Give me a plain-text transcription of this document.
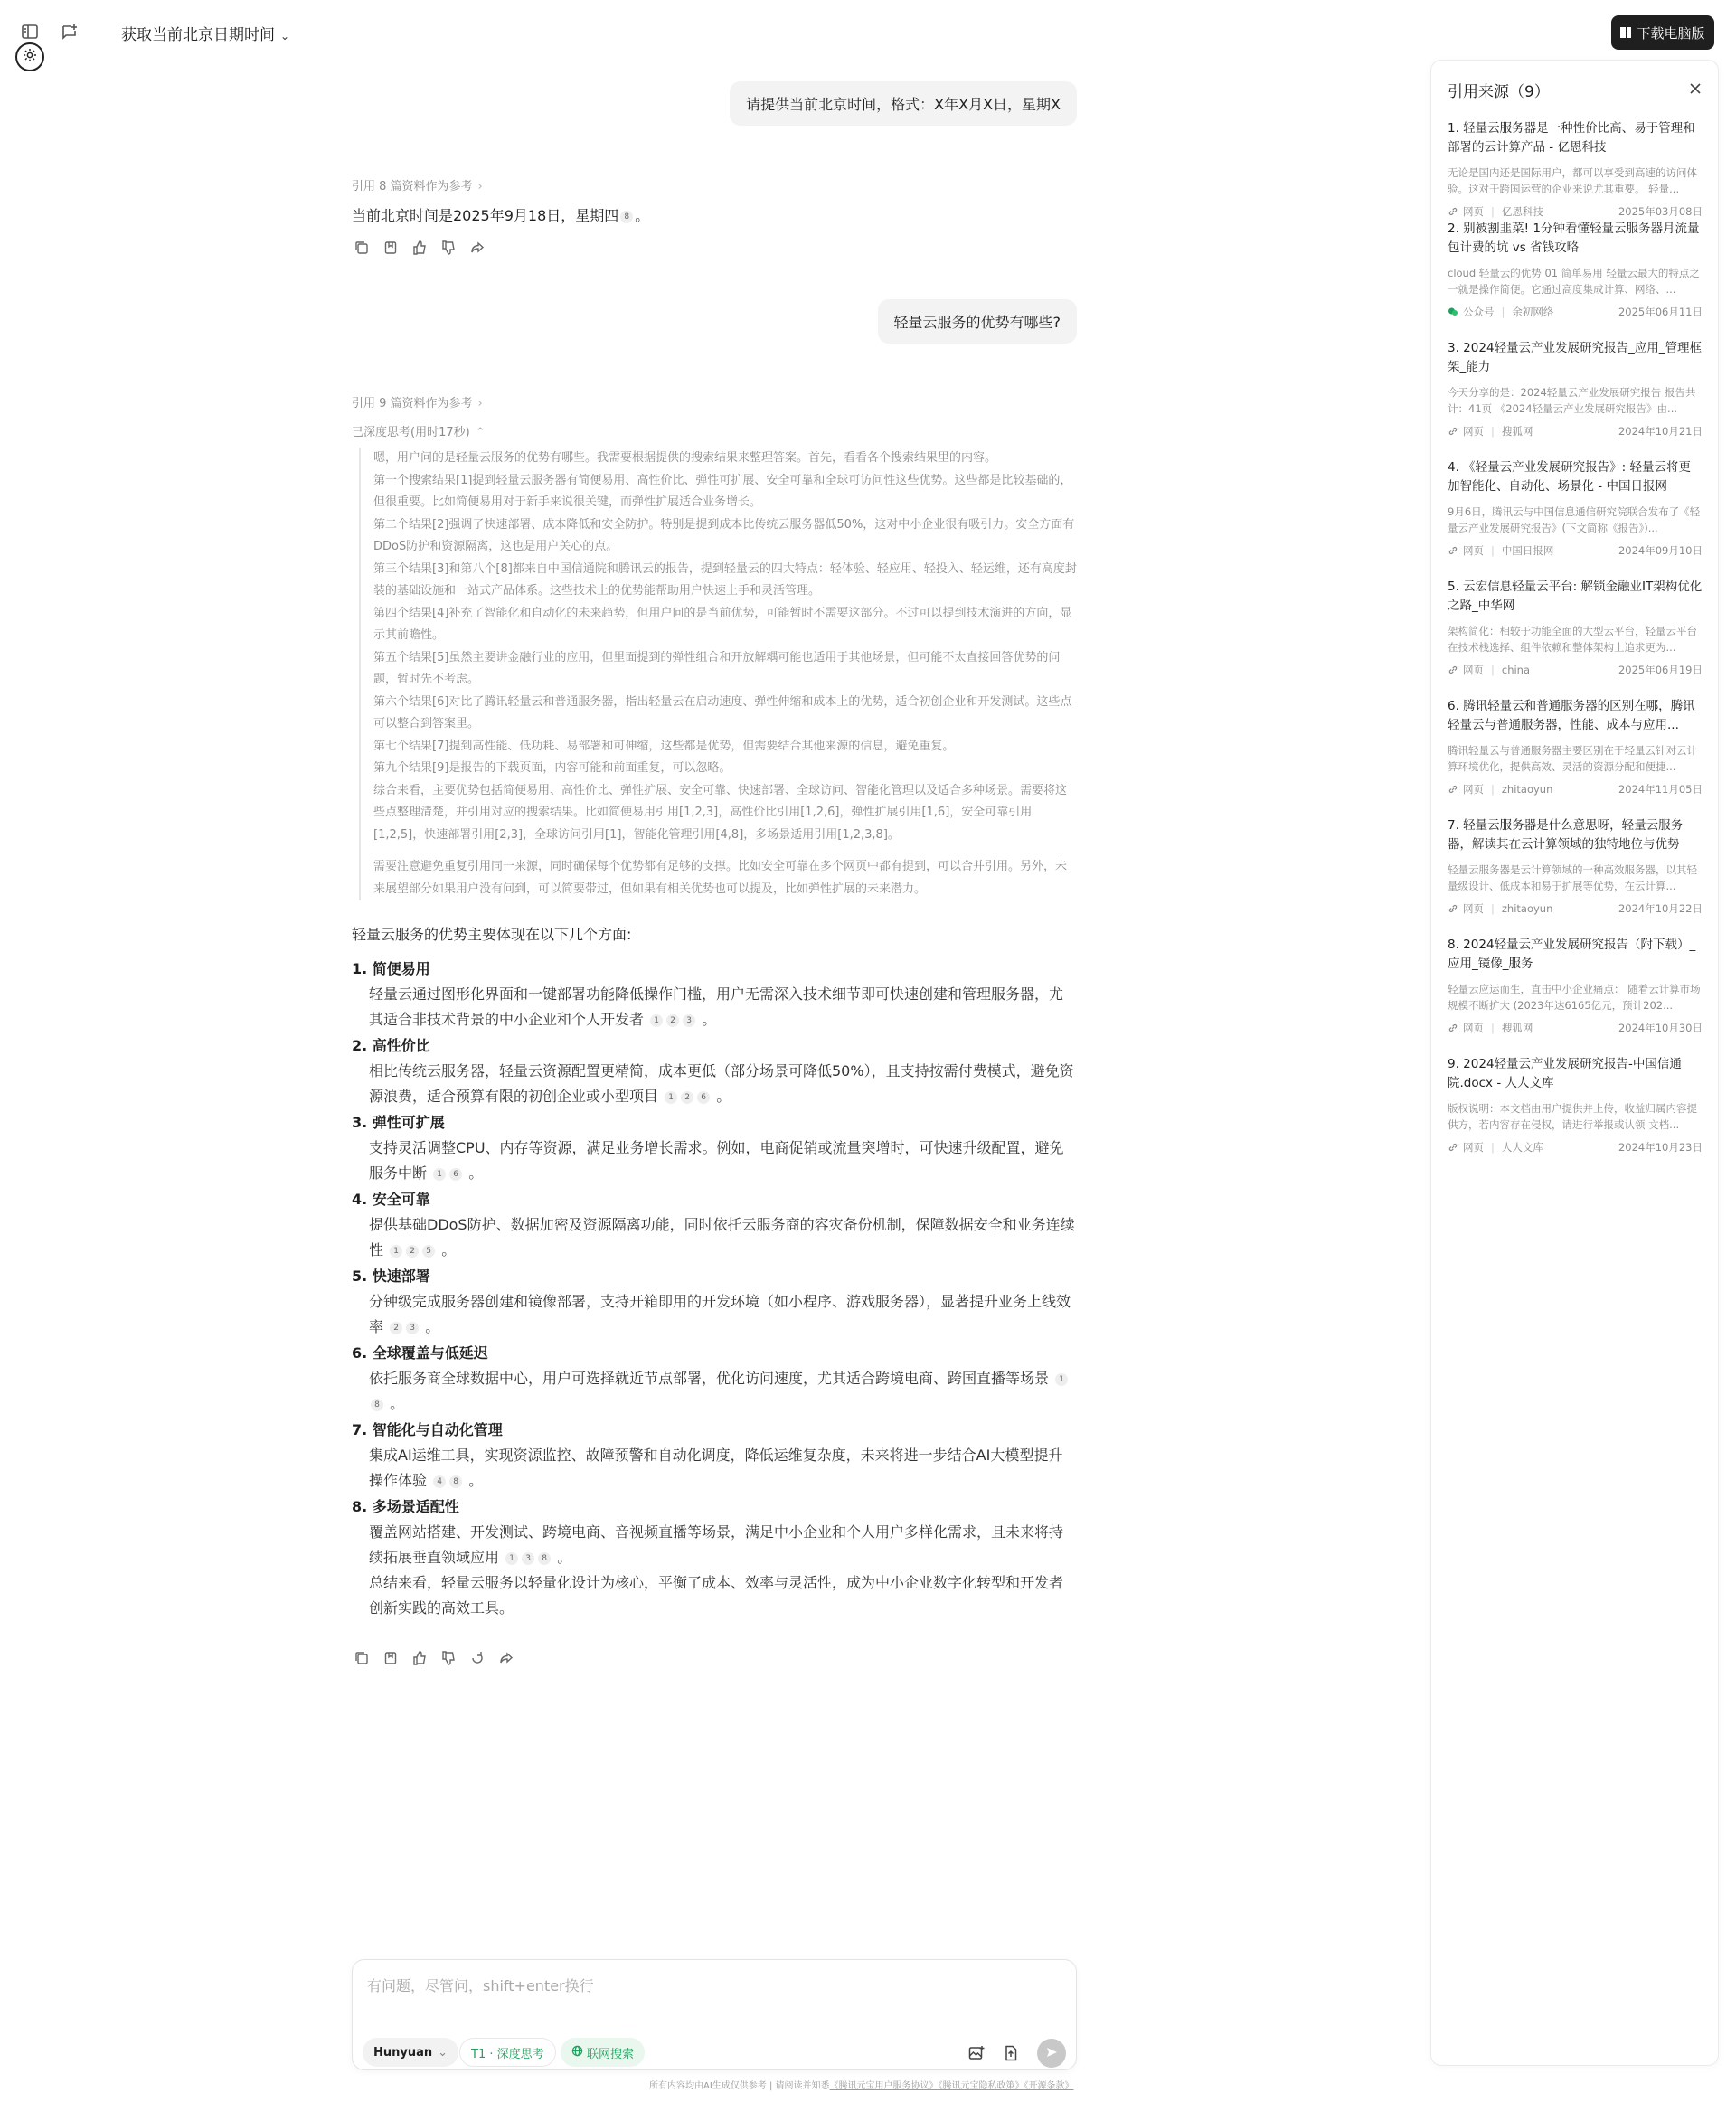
获取当前北京日期时间 ⌄	下载电脑版
请提供当前北京时间，格式：X年X月X日，星期X
引用 8 篇资料作为参考 ›
当前北京时间是2025年9月18日，星期四 8 。
轻量云服务的优势有哪些?
引用 9 篇资料作为参考 ›
已深度思考(用时17秒) ⌃

嗯，用户问的是轻量云服务的优势有哪些。我需要根据提供的搜索结果来整理答案。首先，看看各个搜索结果里的内容。

第一个搜索结果[1]提到轻量云服务器有简便易用、高性价比、弹性可扩展、安全可靠和全球可访问性这些优势。这些都是比较基础的，但很重要。比如简便易用对于新手来说很关键，而弹性扩展适合业务增长。

第二个结果[2]强调了快速部署、成本降低和安全防护。特别是提到成本比传统云服务器低50%，这对中小企业很有吸引力。安全方面有DDoS防护和资源隔离，这也是用户关心的点。

第三个结果[3]和第八个[8]都来自中国信通院和腾讯云的报告，提到轻量云的四大特点：轻体验、轻应用、轻投入、轻运维，还有高度封装的基础设施和一站式产品体系。这些技术上的优势能帮助用户快速上手和灵活管理。

第四个结果[4]补充了智能化和自动化的未来趋势，但用户问的是当前优势，可能暂时不需要这部分。不过可以提到技术演进的方向，显示其前瞻性。

第五个结果[5]虽然主要讲金融行业的应用，但里面提到的弹性组合和开放解耦可能也适用于其他场景，但可能不太直接回答优势的问题，暂时先不考虑。

第六个结果[6]对比了腾讯轻量云和普通服务器，指出轻量云在启动速度、弹性伸缩和成本上的优势，适合初创企业和开发测试。这些点可以整合到答案里。

第七个结果[7]提到高性能、低功耗、易部署和可伸缩，这些都是优势，但需要结合其他来源的信息，避免重复。

第九个结果[9]是报告的下载页面，内容可能和前面重复，可以忽略。

综合来看，主要优势包括简便易用、高性价比、弹性扩展、安全可靠、快速部署、全球访问、智能化管理以及适合多种场景。需要将这些点整理清楚，并引用对应的搜索结果。比如简便易用引用[1,2,3]，高性价比引用[1,2,6]，弹性扩展引用[1,6]，安全可靠引用[1,2,5]，快速部署引用[2,3]，全球访问引用[1]，智能化管理引用[4,8]，多场景适用引用[1,2,3,8]。

需要注意避免重复引用同一来源，同时确保每个优势都有足够的支撑。比如安全可靠在多个网页中都有提到，可以合并引用。另外，未来展望部分如果用户没有问到，可以简要带过，但如果有相关优势也可以提及，比如弹性扩展的未来潜力。

轻量云服务的优势主要体现在以下几个方面:
1. 简便易用
轻量云通过图形化界面和一键部署功能降低操作门槛，用户无需深入技术细节即可快速创建和管理服务器，尤其适合非技术背景的中小企业和个人开发者 1 2 3 。
2. 高性价比
相比传统云服务器，轻量云资源配置更精简，成本更低（部分场景可降低50%），且支持按需付费模式，避免资源浪费，适合预算有限的初创企业或小型项目 1 2 6 。
3. 弹性可扩展
支持灵活调整CPU、内存等资源，满足业务增长需求。例如，电商促销或流量突增时，可快速升级配置，避免服务中断 1 6 。
4. 安全可靠
提供基础DDoS防护、数据加密及资源隔离功能，同时依托云服务商的容灾备份机制，保障数据安全和业务连续性 1 2 5 。
5. 快速部署
分钟级完成服务器创建和镜像部署，支持开箱即用的开发环境（如小程序、游戏服务器），显著提升业务上线效率 2 3 。
6. 全球覆盖与低延迟
依托服务商全球数据中心，用户可选择就近节点部署，优化访问速度，尤其适合跨境电商、跨国直播等场景 18 。
7. 智能化与自动化管理
集成AI运维工具，实现资源监控、故障预警和自动化调度，降低运维复杂度，未来将进一步结合AI大模型提升操作体验 4 8 。
8. 多场景适配性
覆盖网站搭建、开发测试、跨境电商、音视频直播等场景，满足中小企业和个人用户多样化需求，且未来将持续拓展垂直领域应用 1 3 8 。
总结来看，轻量云服务以轻量化设计为核心，平衡了成本、效率与灵活性，成为中小企业数字化转型和开发者创新实践的高效工具。
有问题，尽管问，shift+enter换行
Hunyuan ⌄	T1 · 深度思考	联网搜索
所有内容均由AI生成仅供参考 | 请阅读并知悉《腾讯元宝用户服务协议》《腾讯元宝隐私政策》《开源条款》
引用来源（9）
1. 轻量云服务器是一种性价比高、易于管理和部署的云计算产品 - 亿恩科技
无论是国内还是国际用户，都可以享受到高速的访问体验。这对于跨国运营的企业来说尤其重要。 轻量...
网页 | 亿恩科技	2025年03月08日
2. 别被割韭菜! 1分钟看懂轻量云服务器月流量包计费的坑 vs 省钱攻略
cloud 轻量云的优势 01 简单易用 轻量云最大的特点之一就是操作简便。它通过高度集成计算、网络、...
公众号 | 余初网络	2025年06月11日
3. 2024轻量云产业发展研究报告_应用_管理框架_能力
今天分享的是：2024轻量云产业发展研究报告 报告共计：41页 《2024轻量云产业发展研究报告》由...
网页 | 搜狐网	2024年10月21日
4. 《轻量云产业发展研究报告》: 轻量云将更加智能化、自动化、场景化 - 中国日报网
9月6日，腾讯云与中国信息通信研究院联合发布了《轻量云产业发展研究报告》(下文简称《报告》)...
网页 | 中国日报网	2024年09月10日
5. 云宏信息轻量云平台: 解锁金融业IT架构优化之路_中华网
架构简化：相较于功能全面的大型云平台，轻量云平台在技术栈选择、组件依赖和整体架构上追求更为...
网页 | china	2025年06月19日
6. 腾讯轻量云和普通服务器的区别在哪，腾讯轻量云与普通服务器，性能、成本与应用...
腾讯轻量云与普通服务器主要区别在于轻量云针对云计算环境优化，提供高效、灵活的资源分配和便捷...
网页 | zhitaoyun	2024年11月05日
7. 轻量云服务器是什么意思呀，轻量云服务器，解读其在云计算领域的独特地位与优势
轻量云服务器是云计算领域的一种高效服务器，以其轻量级设计、低成本和易于扩展等优势，在云计算...
网页 | zhitaoyun	2024年10月22日
8. 2024轻量云产业发展研究报告（附下载）_应用_镜像_服务
轻量云应运而生，直击中小企业痛点： 随着云计算市场规模不断扩大 (2023年达6165亿元，预计202...
网页 | 搜狐网	2024年10月30日
9. 2024轻量云产业发展研究报告-中国信通院.docx - 人人文库
版权说明：本文档由用户提供并上传，收益归属内容提供方，若内容存在侵权，请进行举报或认领 文档...
网页 | 人人文库	2024年10月23日
